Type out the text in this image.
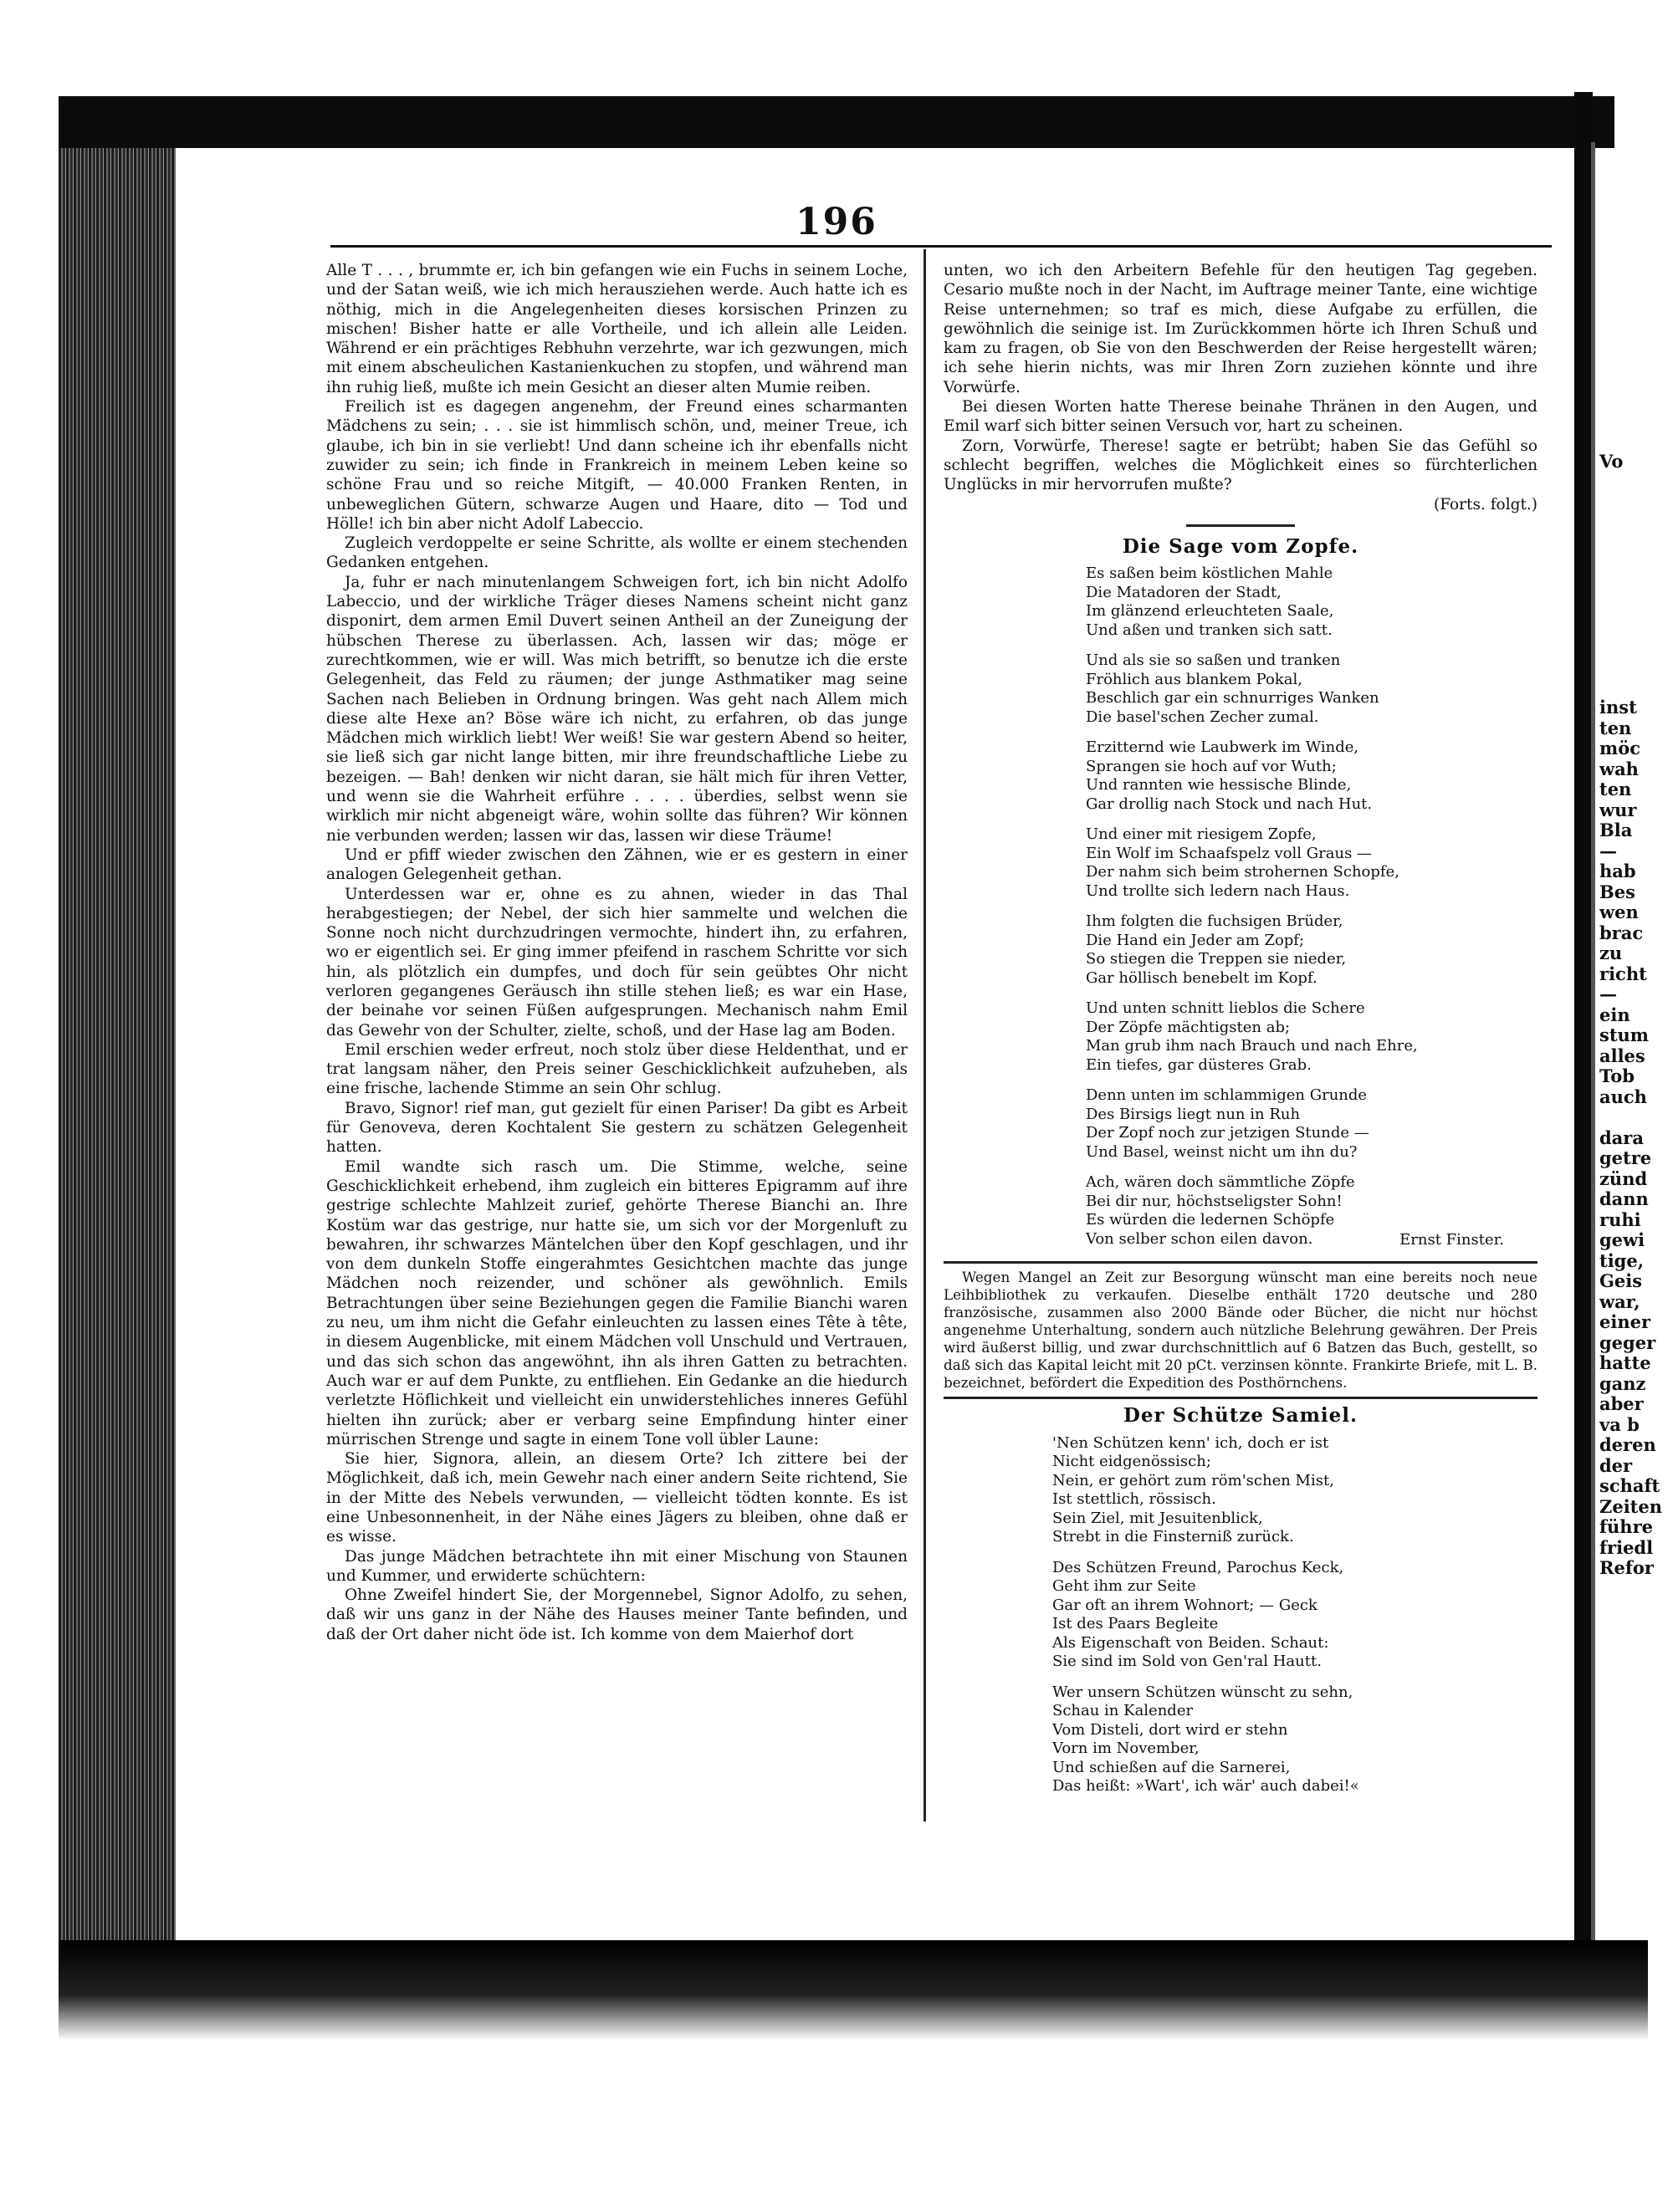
196

Alle T . . . , brummte er, ich bin gefangen wie ein Fuchs in seinem Loche, und der Satan weiß, wie ich mich herausziehen werde. Auch hatte ich es nöthig, mich in die Angelegenheiten dieses korsischen Prinzen zu mischen! Bisher hatte er alle Vortheile, und ich allein alle Leiden. Während er ein prächtiges Rebhuhn verzehrte, war ich gezwungen, mich mit einem abscheulichen Kastanienkuchen zu stopfen, und während man ihn ruhig ließ, mußte ich mein Gesicht an dieser alten Mumie reiben.

Freilich ist es dagegen angenehm, der Freund eines scharmanten Mädchens zu sein; . . . sie ist himmlisch schön, und, meiner Treue, ich glaube, ich bin in sie verliebt! Und dann scheine ich ihr ebenfalls nicht zuwider zu sein; ich finde in Frankreich in meinem Leben keine so schöne Frau und so reiche Mitgift, — 40.000 Franken Renten, in unbeweglichen Gütern, schwarze Augen und Haare, dito — Tod und Hölle! ich bin aber nicht Adolf Labeccio.

Zugleich verdoppelte er seine Schritte, als wollte er einem stechenden Gedanken entgehen.

Ja, fuhr er nach minutenlangem Schweigen fort, ich bin nicht Adolfo Labeccio, und der wirkliche Träger dieses Namens scheint nicht ganz disponirt, dem armen Emil Duvert seinen Antheil an der Zuneigung der hübschen Therese zu überlassen. Ach, lassen wir das; möge er zurechtkommen, wie er will. Was mich betrifft, so benutze ich die erste Gelegenheit, das Feld zu räumen; der junge Asthmatiker mag seine Sachen nach Belieben in Ordnung bringen. Was geht nach Allem mich diese alte Hexe an? Böse wäre ich nicht, zu erfahren, ob das junge Mädchen mich wirklich liebt! Wer weiß! Sie war gestern Abend so heiter, sie ließ sich gar nicht lange bitten, mir ihre freundschaftliche Liebe zu bezeigen. — Bah! denken wir nicht daran, sie hält mich für ihren Vetter, und wenn sie die Wahrheit erführe . . . . überdies, selbst wenn sie wirklich mir nicht abgeneigt wäre, wohin sollte das führen? Wir können nie verbunden werden; lassen wir das, lassen wir diese Träume!

Und er pfiff wieder zwischen den Zähnen, wie er es gestern in einer analogen Gelegenheit gethan.

Unterdessen war er, ohne es zu ahnen, wieder in das Thal herabgestiegen; der Nebel, der sich hier sammelte und welchen die Sonne noch nicht durchzudringen vermochte, hindert ihn, zu erfahren, wo er eigentlich sei. Er ging immer pfeifend in raschem Schritte vor sich hin, als plötzlich ein dumpfes, und doch für sein geübtes Ohr nicht verloren gegangenes Geräusch ihn stille stehen ließ; es war ein Hase, der beinahe vor seinen Füßen aufgesprungen. Mechanisch nahm Emil das Gewehr von der Schulter, zielte, schoß, und der Hase lag am Boden.

Emil erschien weder erfreut, noch stolz über diese Heldenthat, und er trat langsam näher, den Preis seiner Geschicklichkeit aufzuheben, als eine frische, lachende Stimme an sein Ohr schlug.

Bravo, Signor! rief man, gut gezielt für einen Pariser! Da gibt es Arbeit für Genoveva, deren Kochtalent Sie gestern zu schätzen Gelegenheit hatten.

Emil wandte sich rasch um. Die Stimme, welche, seine Geschicklichkeit erhebend, ihm zugleich ein bitteres Epigramm auf ihre gestrige schlechte Mahlzeit zurief, gehörte Therese Bianchi an. Ihre Kostüm war das gestrige, nur hatte sie, um sich vor der Morgenluft zu bewahren, ihr schwarzes Mäntelchen über den Kopf geschlagen, und ihr von dem dunkeln Stoffe eingerahmtes Gesichtchen machte das junge Mädchen noch reizender, und schöner als gewöhnlich. Emils Betrachtungen über seine Beziehungen gegen die Familie Bianchi waren zu neu, um ihm nicht die Gefahr einleuchten zu lassen eines Tête à tête, in diesem Augenblicke, mit einem Mädchen voll Unschuld und Vertrauen, und das sich schon das angewöhnt, ihn als ihren Gatten zu betrachten. Auch war er auf dem Punkte, zu entfliehen. Ein Gedanke an die hiedurch verletzte Höflichkeit und vielleicht ein unwiderstehliches inneres Gefühl hielten ihn zurück; aber er verbarg seine Empfindung hinter einer mürrischen Strenge und sagte in einem Tone voll übler Laune:

Sie hier, Signora, allein, an diesem Orte? Ich zittere bei der Möglichkeit, daß ich, mein Gewehr nach einer andern Seite richtend, Sie in der Mitte des Nebels verwunden, — vielleicht tödten konnte. Es ist eine Unbesonnenheit, in der Nähe eines Jägers zu bleiben, ohne daß er es wisse.

Das junge Mädchen betrachtete ihn mit einer Mischung von Staunen und Kummer, und erwiderte schüchtern:

Ohne Zweifel hindert Sie, der Morgennebel, Signor Adolfo, zu sehen, daß wir uns ganz in der Nähe des Hauses meiner Tante befinden, und daß der Ort daher nicht öde ist. Ich komme von dem Maierhof dort

unten, wo ich den Arbeitern Befehle für den heutigen Tag gegeben. Cesario mußte noch in der Nacht, im Auftrage meiner Tante, eine wichtige Reise unternehmen; so traf es mich, diese Aufgabe zu erfüllen, die gewöhnlich die seinige ist. Im Zurückkommen hörte ich Ihren Schuß und kam zu fragen, ob Sie von den Beschwerden der Reise hergestellt wären; ich sehe hierin nichts, was mir Ihren Zorn zuziehen könnte und ihre Vorwürfe.

Bei diesen Worten hatte Therese beinahe Thränen in den Augen, und Emil warf sich bitter seinen Versuch vor, hart zu scheinen.

Zorn, Vorwürfe, Therese! sagte er betrübt; haben Sie das Gefühl so schlecht begriffen, welches die Möglichkeit eines so fürchterlichen Unglücks in mir hervorrufen mußte?

(Forts. folgt.)
Die Sage vom Zopfe.
Es saßen beim köstlichen Mahle
Die Matadoren der Stadt,
Im glänzend erleuchteten Saale,
Und aßen und tranken sich satt.
Und als sie so saßen und tranken
Fröhlich aus blankem Pokal,
Beschlich gar ein schnurriges Wanken
Die basel'schen Zecher zumal.
Erzitternd wie Laubwerk im Winde,
Sprangen sie hoch auf vor Wuth;
Und rannten wie hessische Blinde,
Gar drollig nach Stock und nach Hut.
Und einer mit riesigem Zopfe,
Ein Wolf im Schaafspelz voll Graus —
Der nahm sich beim strohernen Schopfe,
Und trollte sich ledern nach Haus.
Ihm folgten die fuchsigen Brüder,
Die Hand ein Jeder am Zopf;
So stiegen die Treppen sie nieder,
Gar höllisch benebelt im Kopf.
Und unten schnitt lieblos die Schere
Der Zöpfe mächtigsten ab;
Man grub ihm nach Brauch und nach Ehre,
Ein tiefes, gar düsteres Grab.
Denn unten im schlammigen Grunde
Des Birsigs liegt nun in Ruh
Der Zopf noch zur jetzigen Stunde —
Und Basel, weinst nicht um ihn du?
Ach, wären doch sämmtliche Zöpfe
Bei dir nur, höchstseligster Sohn!
Es würden die ledernen Schöpfe
Von selber schon eilen davon.	Ernst Finster.
Wegen Mangel an Zeit zur Besorgung wünscht man eine bereits noch neue Leihbibliothek zu verkaufen. Dieselbe enthält 1720 deutsche und 280 französische, zusammen also 2000 Bände oder Bücher, die nicht nur höchst angenehme Unterhaltung, sondern auch nützliche Belehrung gewähren. Der Preis wird äußerst billig, und zwar durchschnittlich auf 6 Batzen das Buch, gestellt, so daß sich das Kapital leicht mit 20 pCt. verzinsen könnte. Frankirte Briefe, mit L. B. bezeichnet, befördert die Expedition des Posthörnchens.
Der Schütze Samiel.
'Nen Schützen kenn' ich, doch er ist
Nicht eidgenössisch;
Nein, er gehört zum röm'schen Mist,
Ist stettlich, rössisch.
Sein Ziel, mit Jesuitenblick,
Strebt in die Finsterniß zurück.
Des Schützen Freund, Parochus Keck,
Geht ihm zur Seite
Gar oft an ihrem Wohnort; — Geck
Ist des Paars Begleite
Als Eigenschaft von Beiden. Schaut:
Sie sind im Sold von Gen'ral Hautt.
Wer unsern Schützen wünscht zu sehn,
Schau in Kalender
Vom Disteli, dort wird er stehn
Vorn im November,
Und schießen auf die Sarnerei,
Das heißt: »Wart', ich wär' auch dabei!«
Vo
inst
ten
möc
wah
ten
wur
Bla
—
hab
Bes
wen
brac
zu
richt
—
ein
stum
alles
Tob
auch
dara
getre
zünd
dann
ruhi
gewi
tige,
Geis
war,
einer
geger
hatte
ganz
aber
va b
deren
der
schaft
Zeiten
führe
friedl
Refor
